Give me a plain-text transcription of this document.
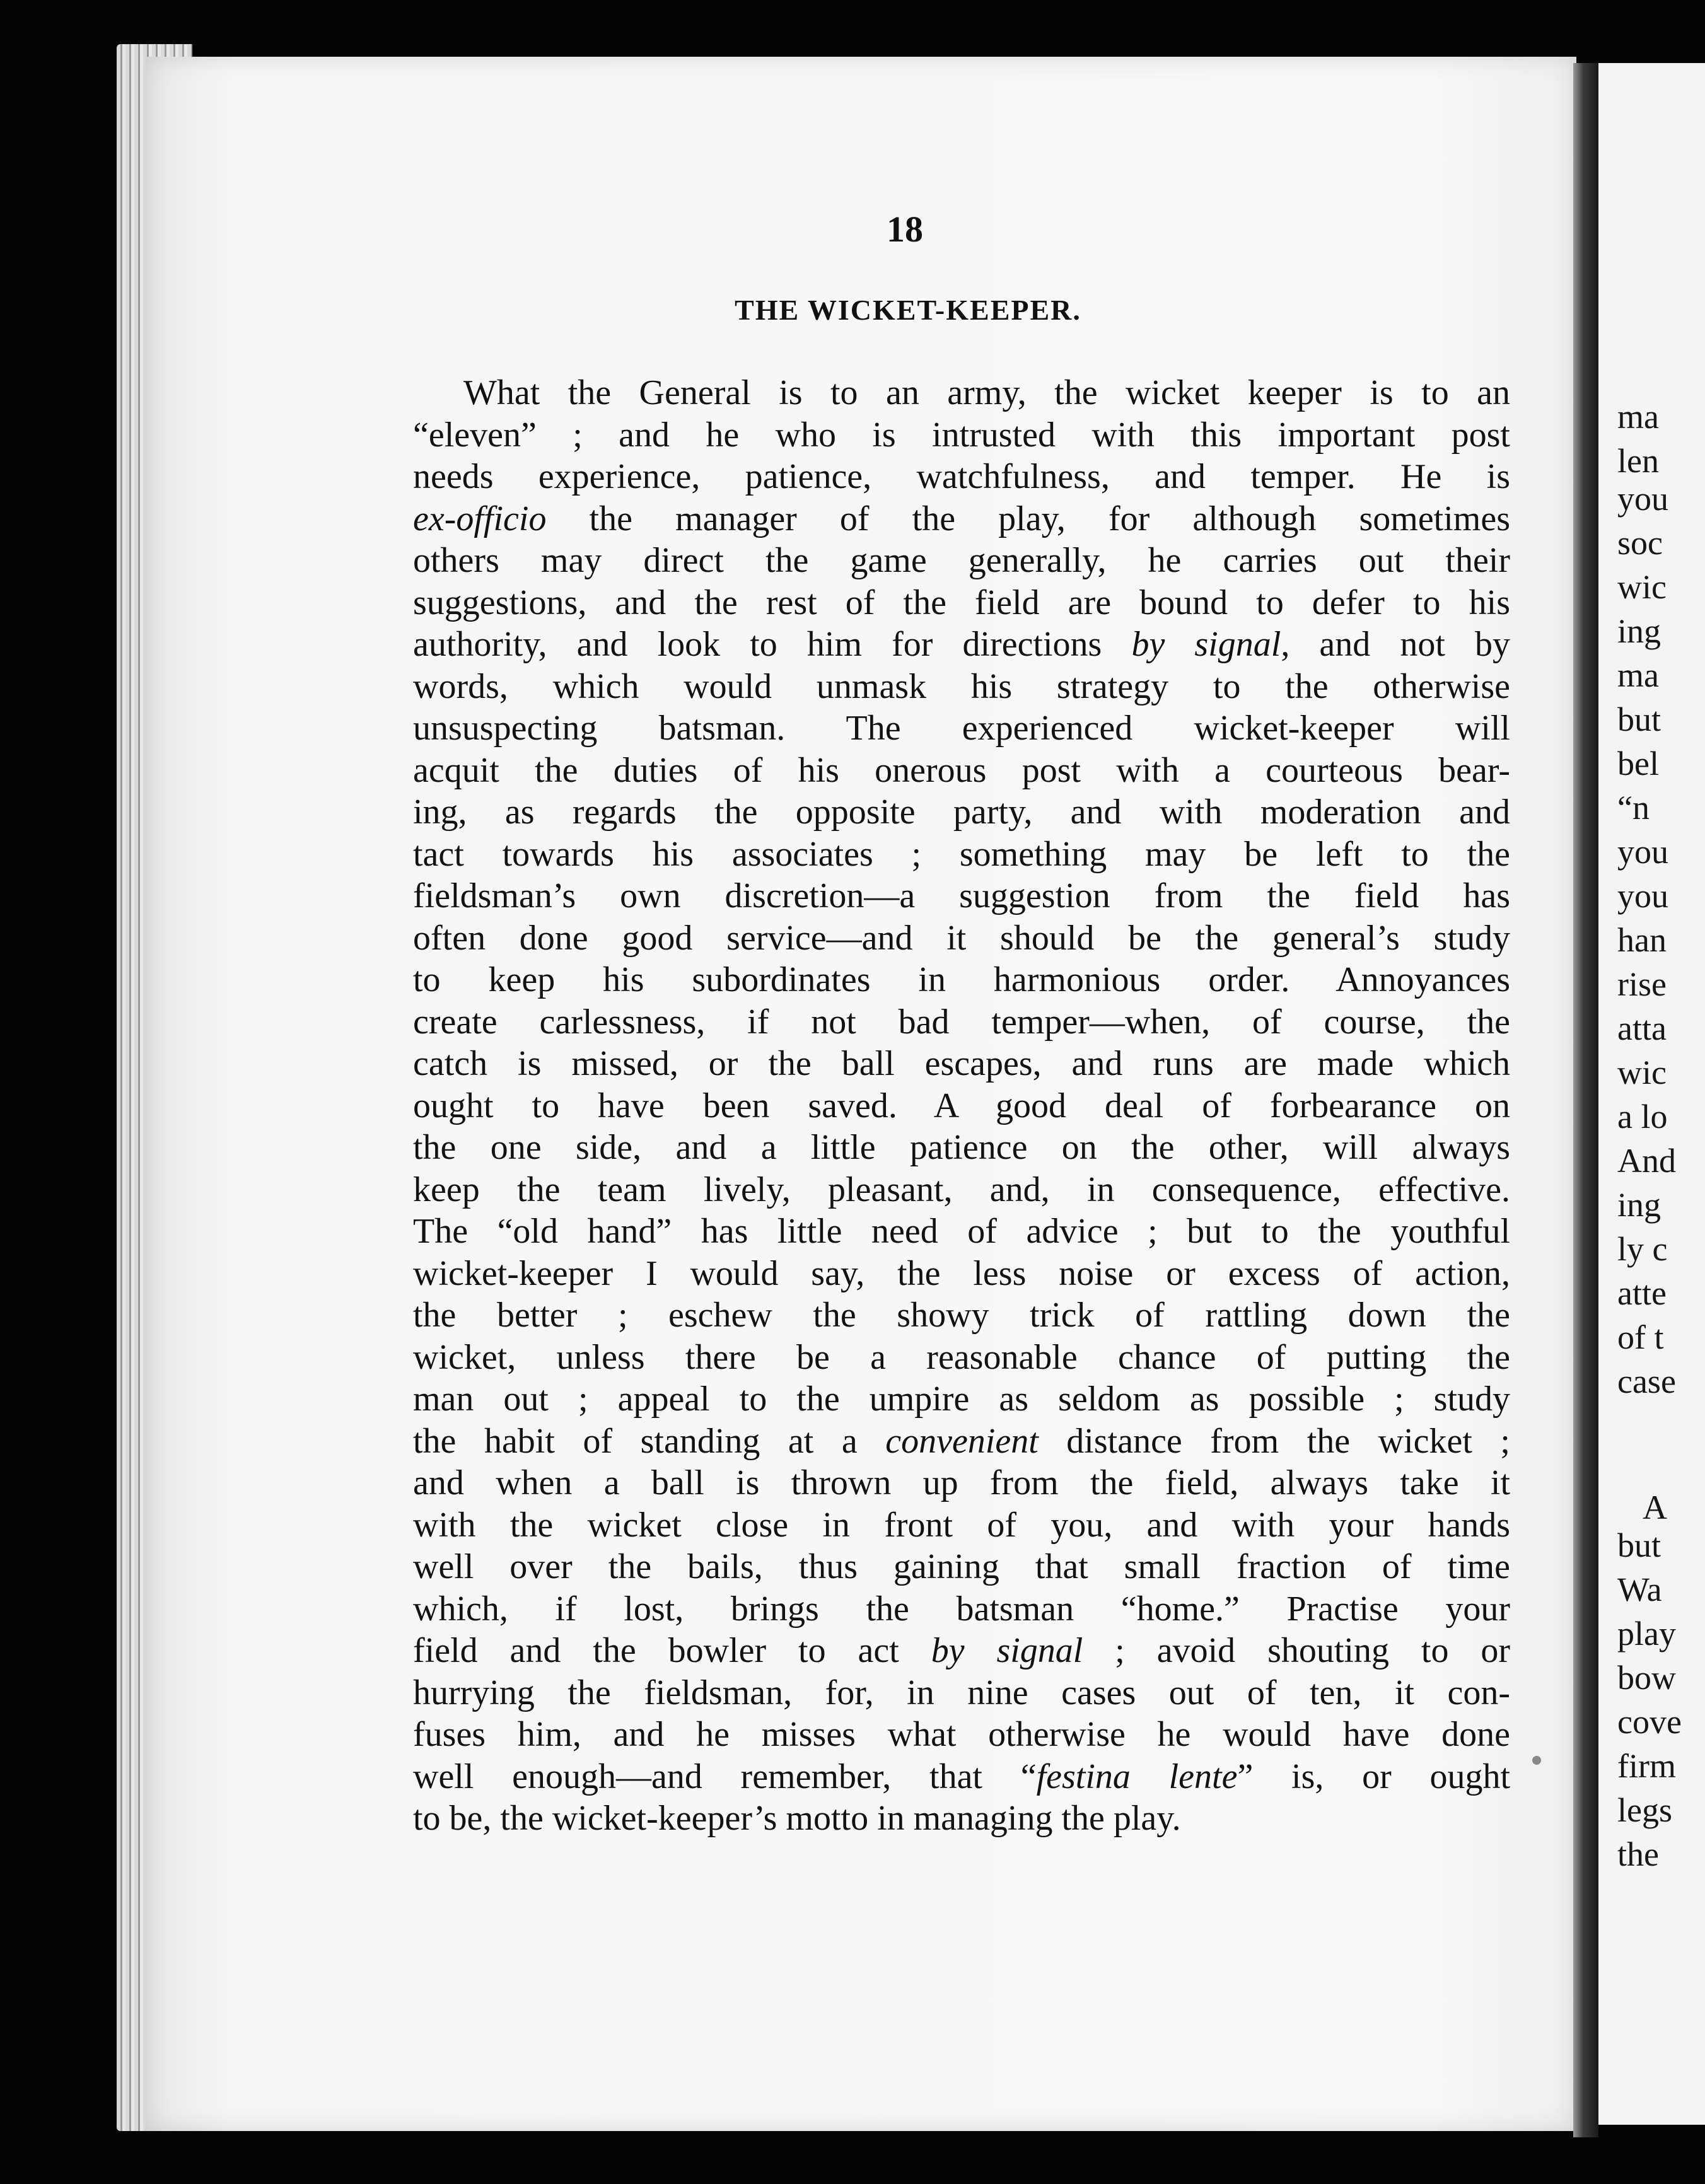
ma
len
you
soc
wic
ing
ma
but
bel
“n
you
you
han
rise
atta
wic
a lo
And
ing
ly c
atte
of t
case
A
but
Wa
play
bow
cove
firm
legs
the
18
THE WICKET-KEEPER.
What the General is to an army, the wicket keeper is to an
“eleven” ; and he who is intrusted with this important post
needs experience, patience, watchfulness, and temper. He is
ex-officio the manager of the play, for although sometimes
others may direct the game generally, he carries out their
suggestions, and the rest of the field are bound to defer to his
authority, and look to him for directions by signal, and not by
words, which would unmask his strategy to the otherwise
unsuspecting batsman. The experienced wicket-keeper will
acquit the duties of his onerous post with a courteous bear-
ing, as regards the opposite party, and with moderation and
tact towards his associates ; something may be left to the
fieldsman’s own discretion—a suggestion from the field has
often done good service—and it should be the general’s study
to keep his subordinates in harmonious order. Annoyances
create carlessness, if not bad temper—when, of course, the
catch is missed, or the ball escapes, and runs are made which
ought to have been saved. A good deal of forbearance on
the one side, and a little patience on the other, will always
keep the team lively, pleasant, and, in consequence, effective.
The “old hand” has little need of advice ; but to the youthful
wicket-keeper I would say, the less noise or excess of action,
the better ; eschew the showy trick of rattling down the
wicket, unless there be a reasonable chance of putting the
man out ; appeal to the umpire as seldom as possible ; study
the habit of standing at a convenient distance from the wicket ;
and when a ball is thrown up from the field, always take it
with the wicket close in front of you, and with your hands
well over the bails, thus gaining that small fraction of time
which, if lost, brings the batsman “home.” Practise your
field and the bowler to act by signal ; avoid shouting to or
hurrying the fieldsman, for, in nine cases out of ten, it con-
fuses him, and he misses what otherwise he would have done
well enough—and remember, that “festina lente” is, or ought
to be, the wicket-keeper’s motto in managing the play.
